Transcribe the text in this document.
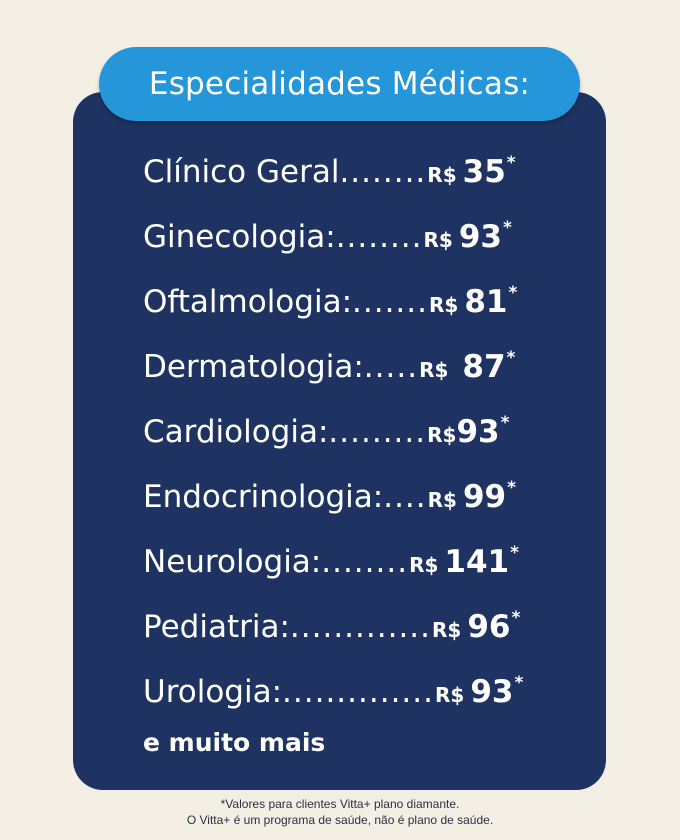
Especialidades Médicas:
Clínico Geral ........ R$ 35 *
Ginecologia: ........ R$ 93 *
Oftalmologia: ....... R$ 81 *
Dermatologia: ..... R$ 87 *
Cardiologia: ......... R$ 93 *
Endocrinologia: .... R$ 99 *
Neurologia: ........ R$ 141 *
Pediatria: ............. R$ 96 *
Urologia: .............. R$ 93 *
e muito mais
*Valores para clientes Vitta+ plano diamante.
O Vitta+ é um programa de saúde, não é plano de saúde.
